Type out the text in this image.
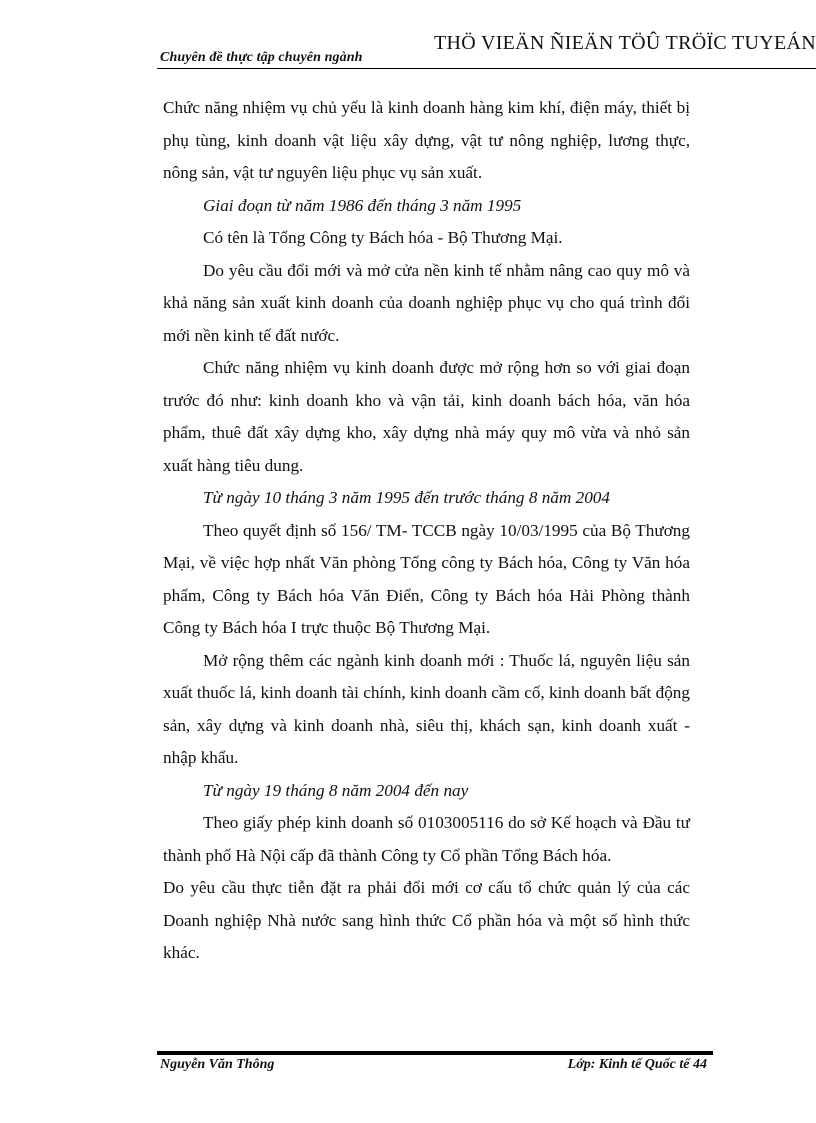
Chuyên đề thực tập chuyên ngành
THÖ VIEÄN ÑIEÄN TÖÛ TRÖÏC TUYEÁN

Chức năng nhiệm vụ chủ yếu là kinh doanh hàng kim khí, điện máy, thiết bị phụ tùng, kinh doanh vật liệu xây dựng, vật tư nông nghiệp, lương thực, nông sản, vật tư nguyên liệu phục vụ sản xuất.

Giai đoạn từ năm 1986 đến tháng 3 năm 1995

Có tên là Tổng Công ty Bách hóa - Bộ Thương Mại.

Do yêu cầu đổi mới và mở cửa nền kinh tế nhằm nâng cao quy mô và khả năng sản xuất kinh doanh của doanh nghiệp phục vụ cho quá trình đổi mới nền kinh tế đất nước.

Chức năng nhiệm vụ kinh doanh được mở rộng hơn so với giai đoạn trước đó như: kinh doanh kho và vận tải, kinh doanh bách hóa, văn hóa phẩm, thuê đất xây dựng kho, xây dựng nhà máy quy mô vừa và nhỏ sản xuất hàng tiêu dung.

Từ ngày 10 tháng 3 năm 1995 đến trước tháng 8 năm 2004

Theo quyết định số 156/ TM- TCCB ngày 10/03/1995 của Bộ Thương Mại, về việc hợp nhất Văn phòng Tổng công ty Bách hóa, Công ty Văn hóa phẩm, Công ty Bách hóa Văn Điển, Công ty Bách hóa Hải Phòng thành Công ty Bách hóa I trực thuộc Bộ Thương Mại.

Mở rộng thêm các ngành kinh doanh mới : Thuốc lá, nguyên liệu sản xuất thuốc lá, kinh doanh tài chính, kinh doanh cầm cố, kinh doanh bất động sản, xây dựng và kinh doanh nhà, siêu thị, khách sạn, kinh doanh xuất - nhập khẩu.

Từ ngày 19 tháng 8 năm 2004 đến nay

Theo giấy phép kinh doanh số 0103005116 do sở Kế hoạch và Đầu tư thành phố Hà Nội cấp đã thành Công ty Cổ phần Tổng Bách hóa.

Do yêu cầu thực tiễn đặt ra phải đổi mới cơ cấu tổ chức quản lý của các Doanh nghiệp Nhà nước sang hình thức Cổ phần hóa và một số hình thức khác.

Nguyễn Văn Thông	Lớp: Kinh tế Quốc tế 44
